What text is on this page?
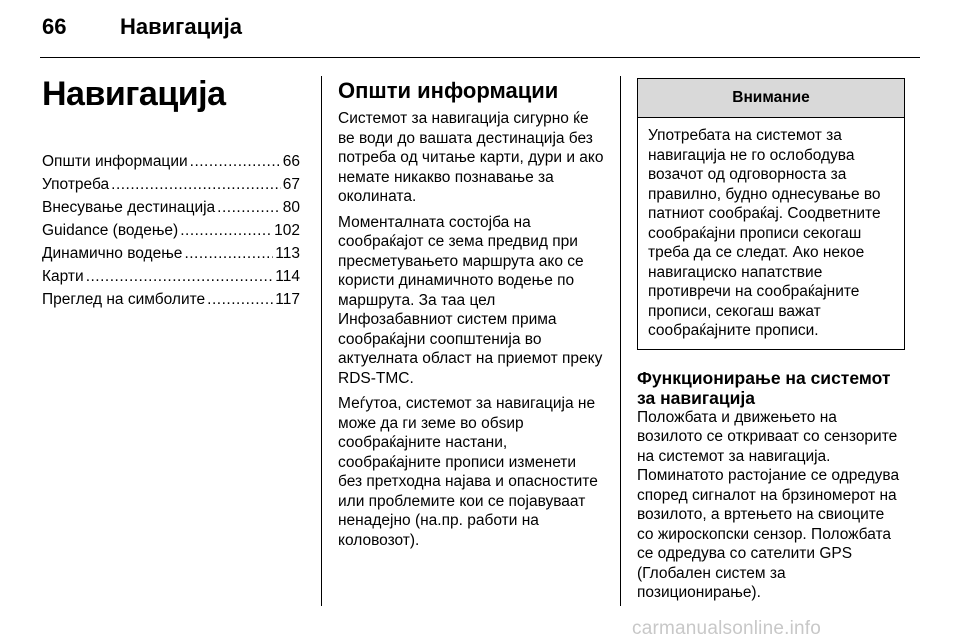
66 Навигација
Навигација
Општи информации .....	66
Употреба .....	67
Внесување дестинација .....	80
Guidance (водење) .....	102
Динамично водење .....	113
Карти .....	114
Преглед на симболите .....	117
Општи информации

Системот за навигација сигурно ќе ве води до вашата дестинација без потреба од читање карти, дури и ако немате никакво познавање за околината.

Моменталната состојба на сообраќајот се зема предвид при пресметувањето маршрута ако се користи динамичното водење по маршрута. За таа цел Инфозабавниот систем прима сообраќајни соопштенија во актуелната област на приемот преку RDS-TMC.

Меѓутоа, системот за навигација не може да ги земе во обѕир сообраќајните настани, сообраќајните прописи изменети без претходна најава и опасностите или проблемите кои се појавуваат ненадејно (на.пр. работи на коловозот).

Внимание
Употребата на системот за навигација не го ослободува возачот од одговорноста за правилно, будно однесување во патниот сообраќај. Соодветните сообраќајни прописи секогаш треба да се следат. Ако некое навигациско напатствие противречи на сообраќајните прописи, секогаш важат сообраќајните прописи.
Функционирање на системот за навигација

Положбата и движењето на возилото се откриваат со сензорите на системот за навигација. Поминатото растојание се одредува според сигналот на брзиномерот на возилото, а вртењето на свиоците со жироскопски сензор. Положбата се одредува со сателити GPS (Глобален систем за позиционирање).

carmanualsonline.info
